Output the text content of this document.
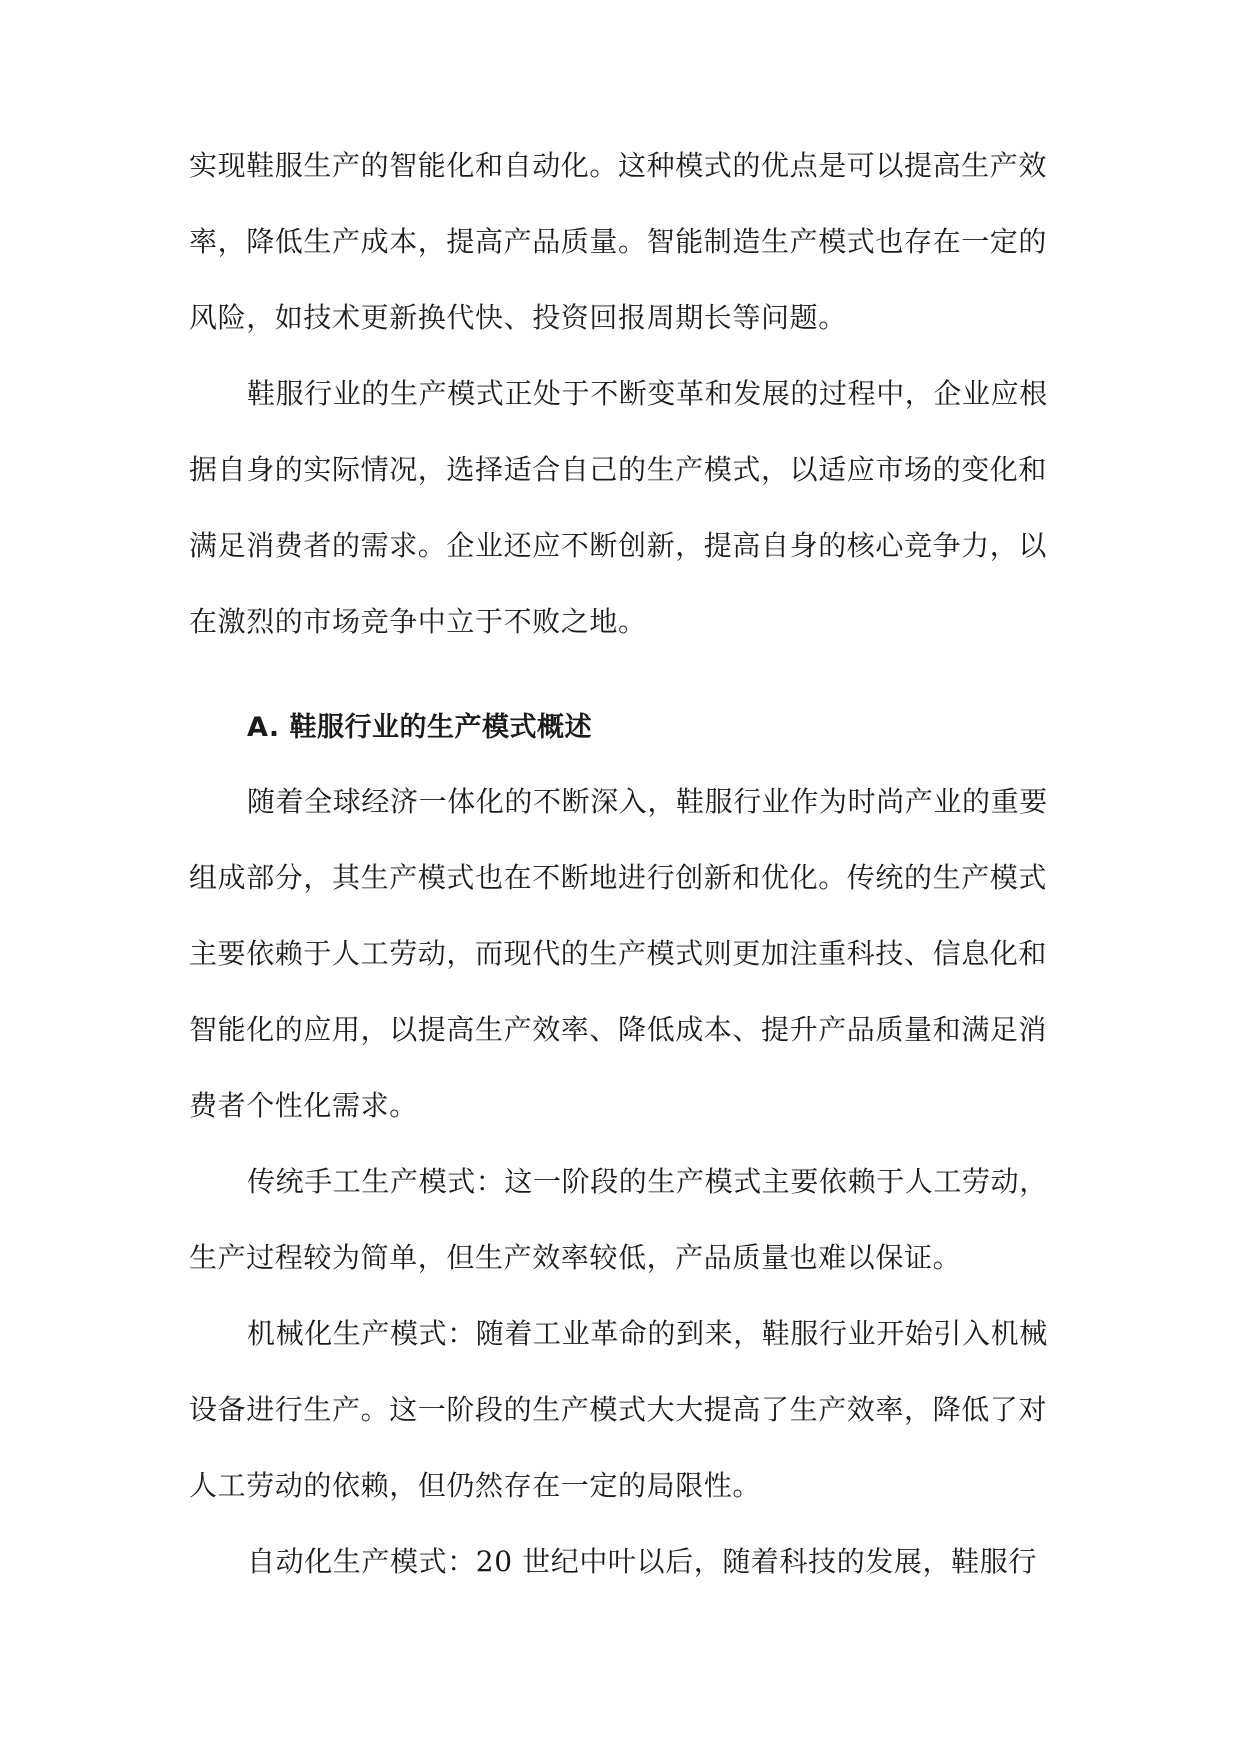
实现鞋服生产的智能化和自动化。这种模式的优点是可以提高生产效
率，降低生产成本，提高产品质量。智能制造生产模式也存在一定的
风险，如技术更新换代快、投资回报周期长等问题。
鞋服行业的生产模式正处于不断变革和发展的过程中，企业应根
据自身的实际情况，选择适合自己的生产模式，以适应市场的变化和
满足消费者的需求。企业还应不断创新，提高自身的核心竞争力，以
在激烈的市场竞争中立于不败之地。
A. 鞋服行业的生产模式概述
随着全球经济一体化的不断深入，鞋服行业作为时尚产业的重要
组成部分，其生产模式也在不断地进行创新和优化。传统的生产模式
主要依赖于人工劳动，而现代的生产模式则更加注重科技、信息化和
智能化的应用，以提高生产效率、降低成本、提升产品质量和满足消
费者个性化需求。
传统手工生产模式：这一阶段的生产模式主要依赖于人工劳动，
生产过程较为简单，但生产效率较低，产品质量也难以保证。
机械化生产模式：随着工业革命的到来，鞋服行业开始引入机械
设备进行生产。这一阶段的生产模式大大提高了生产效率，降低了对
人工劳动的依赖，但仍然存在一定的局限性。
自动化生产模式：20 世纪中叶以后，随着科技的发展，鞋服行
